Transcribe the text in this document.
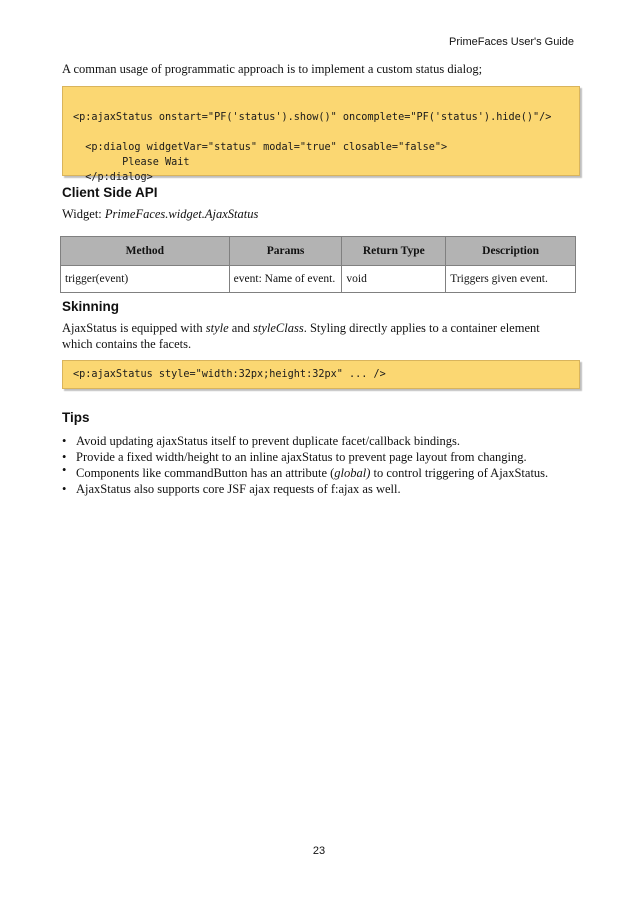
PrimeFaces User's Guide
A comman usage of programmatic approach is to implement a custom status dialog;

<p:ajaxStatus onstart="PF('status').show()" oncomplete="PF('status').hide()"/>

<p:dialog widgetVar="status" modal="true" closable="false">
Please Wait
</p:dialog>

Client Side API
Widget: PrimeFaces.widget.AjaxStatus
Method	Params	Return Type	Description
trigger(event)	event: Name of event.	void	Triggers given event.
Skinning
AjaxStatus is equipped with style and styleClass. Styling directly applies to a container element
which contains the facets.
<p:ajaxStatus style="width:32px;height:32px" ... />
Tips
• Avoid updating ajaxStatus itself to prevent duplicate facet/callback bindings.
• Provide a fixed width/height to an inline ajaxStatus to prevent page layout from changing.
• Components like commandButton has an attribute (global) to control triggering of AjaxStatus.
• AjaxStatus also supports core JSF ajax requests of f:ajax as well.
23
